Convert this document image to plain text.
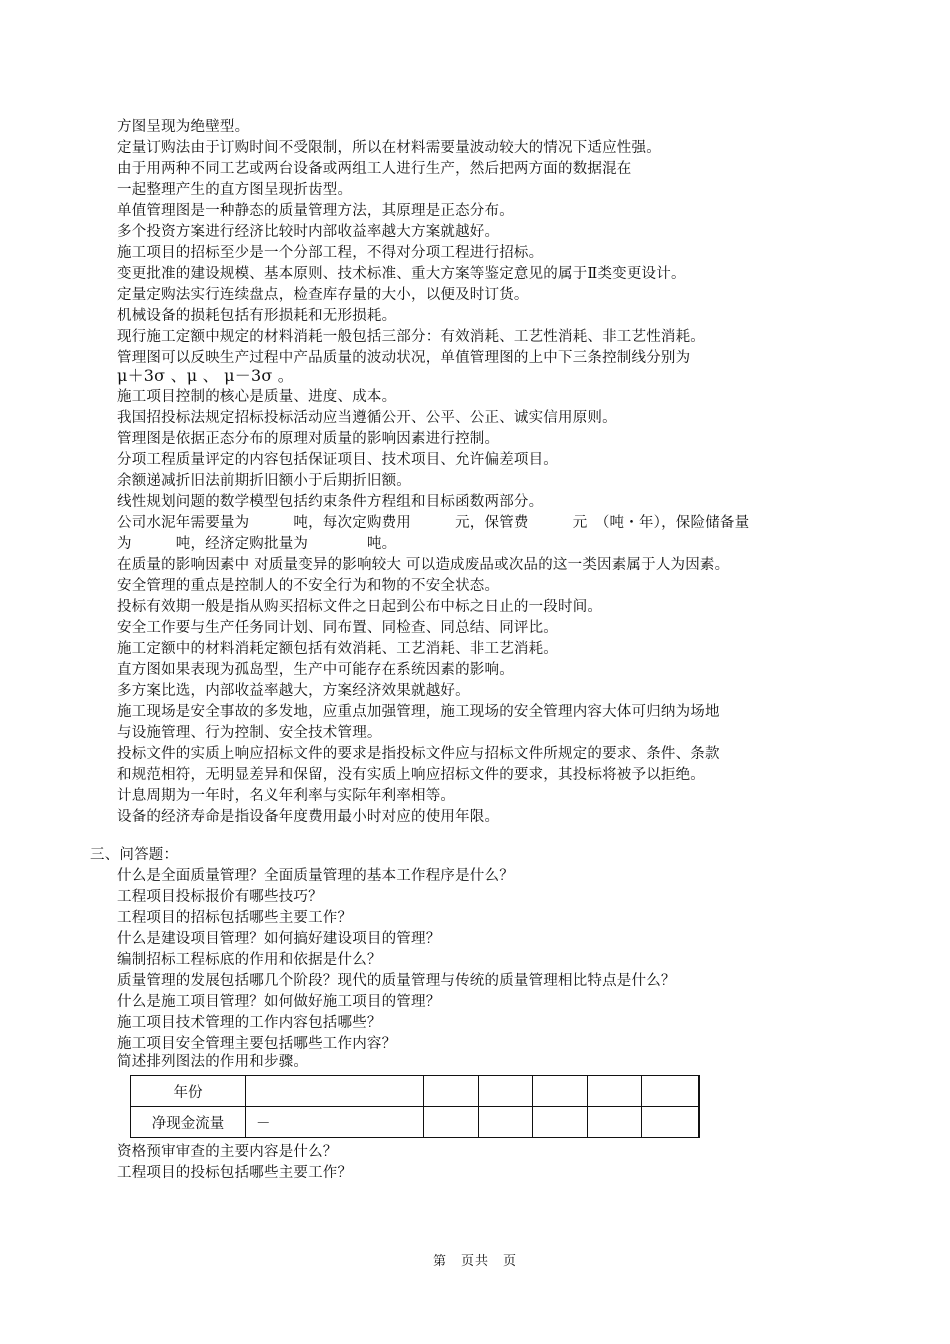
方图呈现为绝壁型。
定量订购法由于订购时间不受限制，所以在材料需要量波动较大的情况下适应性强。
由于用两种不同工艺或两台设备或两组工人进行生产，然后把两方面的数据混在
一起整理产生的直方图呈现折齿型。
单值管理图是一种静态的质量管理方法，其原理是正态分布。
多个投资方案进行经济比较时内部收益率越大方案就越好。
施工项目的招标至少是一个分部工程，不得对分项工程进行招标。
变更批准的建设规模、基本原则、技术标准、重大方案等鉴定意见的属于Ⅱ类变更设计。
定量定购法实行连续盘点，检查库存量的大小，以便及时订货。
机械设备的损耗包括有形损耗和无形损耗。
现行施工定额中规定的材料消耗一般包括三部分：有效消耗、工艺性消耗、非工艺性消耗。
管理图可以反映生产过程中产品质量的波动状况，单值管理图的上中下三条控制线分别为
μ＋3σ 、μ 、 μ－3σ 。
施工项目控制的核心是质量、进度、成本。
我国招投标法规定招标投标活动应当遵循公开、公平、公正、诚实信用原则。
管理图是依据正态分布的原理对质量的影响因素进行控制。
分项工程质量评定的内容包括保证项目、技术项目、允许偏差项目。
余额递减折旧法前期折旧额小于后期折旧额。
线性规划问题的数学模型包括约束条件方程组和目标函数两部分。
公司水泥年需要量为　　　吨，每次定购费用　　　元，保管费　　　元　（吨・年），保险储备量
为　　　吨，经济定购批量为　　　　吨。
在质量的影响因素中 对质量变异的影响较大 可以造成废品或次品的这一类因素属于人为因素。
安全管理的重点是控制人的不安全行为和物的不安全状态。
投标有效期一般是指从购买招标文件之日起到公布中标之日止的一段时间。
安全工作要与生产任务同计划、同布置、同检查、同总结、同评比。
施工定额中的材料消耗定额包括有效消耗、工艺消耗、非工艺消耗。
直方图如果表现为孤岛型，生产中可能存在系统因素的影响。
多方案比选，内部收益率越大，方案经济效果就越好。
施工现场是安全事故的多发地，应重点加强管理，施工现场的安全管理内容大体可归纳为场地
与设施管理、行为控制、安全技术管理。
投标文件的实质上响应招标文件的要求是指投标文件应与招标文件所规定的要求、条件、条款
和规范相符，无明显差异和保留，没有实质上响应招标文件的要求，其投标将被予以拒绝。
计息周期为一年时，名义年利率与实际年利率相等。
设备的经济寿命是指设备年度费用最小时对应的使用年限。
三、问答题：
什么是全面质量管理？全面质量管理的基本工作程序是什么？
工程项目投标报价有哪些技巧？
工程项目的招标包括哪些主要工作？
什么是建设项目管理？如何搞好建设项目的管理？
编制招标工程标底的作用和依据是什么？
质量管理的发展包括哪几个阶段？现代的质量管理与传统的质量管理相比特点是什么？
什么是施工项目管理？如何做好施工项目的管理？
施工项目技术管理的工作内容包括哪些？
施工项目安全管理主要包括哪些工作内容？
简述排列图法的作用和步骤。
年份						
净现金流量	－					
资格预审审查的主要内容是什么？
工程项目的投标包括哪些主要工作？
第　页共　页
